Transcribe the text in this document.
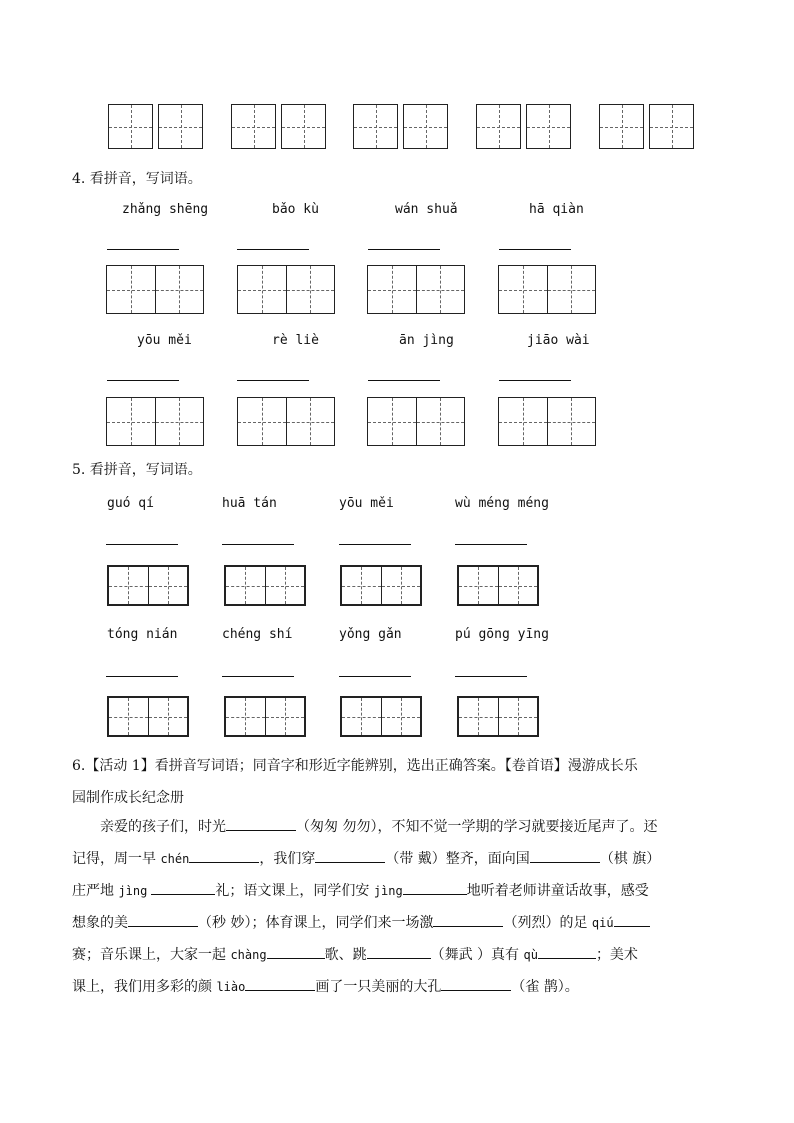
4. 看拼音，写词语。
zhǎng shēng	bǎo kù	wán shuǎ	hā qiàn
yōu měi	rè liè	ān jìng	jiāo wài
5. 看拼音，写词语。
guó qí	huā tán	yōu měi	wù méng méng
tóng nián	chéng shí	yǒng gǎn	pú gōng yīng
6.【活动 1】看拼音写词语；同音字和形近字能辨别，选出正确答案。【卷首语】漫游成长乐
园制作成长纪念册
亲爱的孩子们，时光	（匆匆 勿勿），不知不觉一学期的学习就要接近尾声了。还
记得，周一早 chén	，我们穿	（带 戴）整齐，面向国	（棋 旗）
庄严地 jìng	礼；语文课上，同学们安 jìng	地听着老师讲童话故事，感受
想象的美	（秒 妙）；体育课上，同学们来一场激	（列烈）的足 qiú
赛；音乐课上，大家一起 chàng	歌、跳	（舞武 ）真有 qù	；美术
课上，我们用多彩的颜 liào	画了一只美丽的大孔	（雀 鹊）。
